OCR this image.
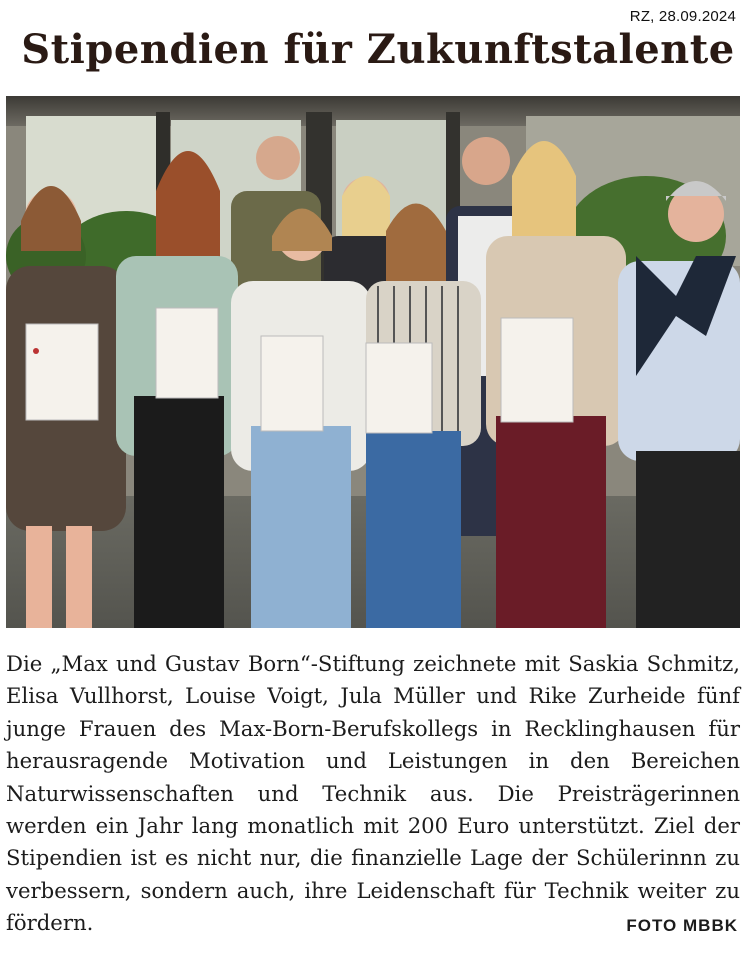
RZ, 28.09.2024
Stipendien für Zukunftstalente

Die „Max und Gustav Born“-Stiftung zeichnete mit Saskia Schmitz, Elisa Vullhorst, Louise Voigt, Jula Müller und Rike Zurheide fünf junge Frauen des Max-Born-Berufskollegs in Recklinghausen für herausragende Motivation und Leistungen in den Bereichen Naturwissenschaften und Technik aus. Die Preisträgerinnen werden ein Jahr lang monatlich mit 200 Euro unterstützt. Ziel der Stipendien ist es nicht nur, die finanzielle Lage der Schülerinnn zu verbessern, sondern auch, ihre Leidenschaft für Technik weiter zu fördern.	FOTO MBBK
